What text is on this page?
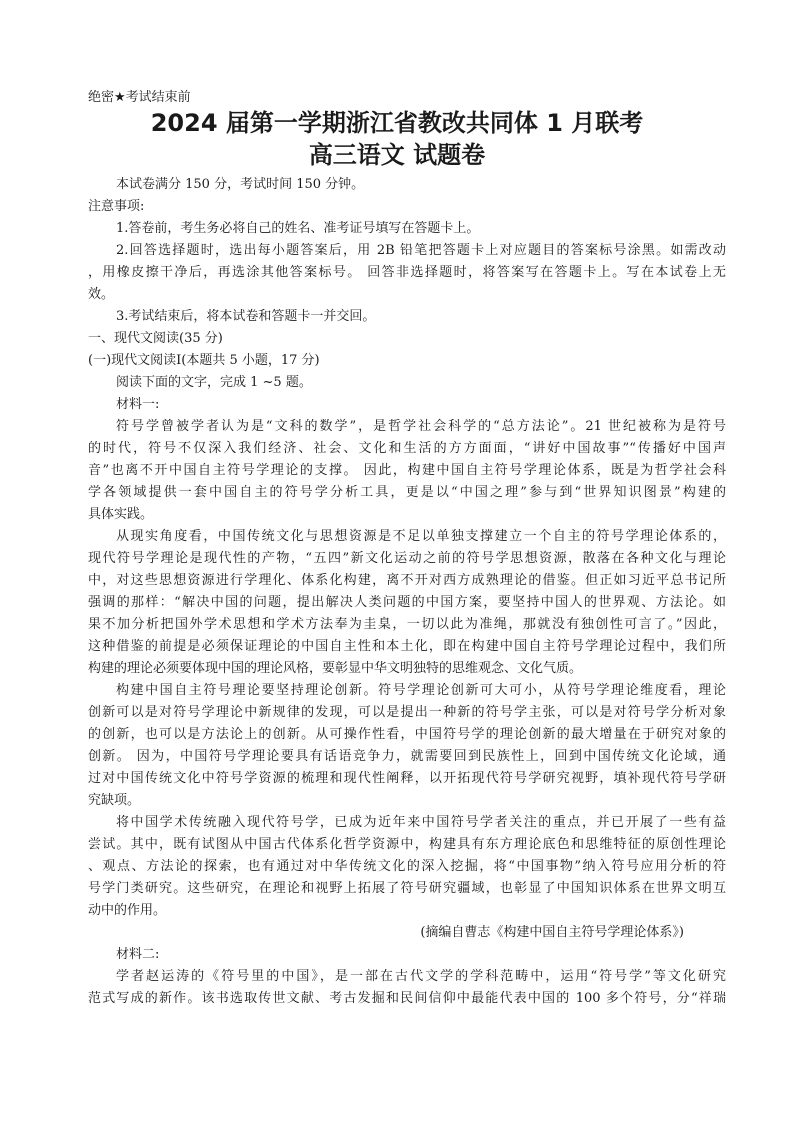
绝密★考试结束前
2024 届第一学期浙江省教改共同体 1 月联考
高三语文 试题卷
本试卷满分 150 分，考试时间 150 分钟。
注意事项:
1.答卷前，考生务必将自己的姓名、准考证号填写在答题卡上。
2.回答选择题时，选出每小题答案后，用 2B 铅笔把答题卡上对应题目的答案标号涂黑。如需改动
，用橡皮擦干净后，再选涂其他答案标号。 回答非选择题时，将答案写在答题卡上。写在本试卷上无
效。
3.考试结束后，将本试卷和答题卡一并交回。
一、现代文阅读(35 分)
(一)现代文阅读Ⅰ(本题共 5 小题，17 分)
阅读下面的文字，完成 1 ~5 题。
材料一:
符号学曾被学者认为是“文科的数学”，是哲学社会科学的“总方法论”。21 世纪被称为是符号
的时代，符号不仅深入我们经济、社会、文化和生活的方方面面，“讲好中国故事”“传播好中国声
音”也离不开中国自主符号学理论的支撑。 因此，构建中国自主符号学理论体系，既是为哲学社会科
学各领域提供一套中国自主的符号学分析工具，更是以“中国之理”参与到“世界知识图景”构建的
具体实践。
从现实角度看，中国传统文化与思想资源是不足以单独支撑建立一个自主的符号学理论体系的，
现代符号学理论是现代性的产物，“五四”新文化运动之前的符号学思想资源，散落在各种文化与理论
中，对这些思想资源进行学理化、体系化构建，离不开对西方成熟理论的借鉴。但正如习近平总书记所
强调的那样：“解决中国的问题，提出解决人类问题的中国方案，要坚持中国人的世界观、方法论。如
果不加分析把国外学术思想和学术方法奉为圭臬，一切以此为准绳，那就没有独创性可言了。”因此，
这种借鉴的前提是必须保证理论的中国自主性和本土化，即在构建中国自主符号学理论过程中，我们所
构建的理论必须要体现中国的理论风格，要彰显中华文明独特的思维观念、文化气质。
构建中国自主符号理论要坚持理论创新。符号学理论创新可大可小，从符号学理论维度看，理论
创新可以是对符号学理论中新规律的发现，可以是提出一种新的符号学主张，可以是对符号学分析对象
的创新，也可以是方法论上的创新。从可操作性看，中国符号学的理论创新的最大增量在于研究对象的
创新。 因为，中国符号学理论要具有话语竞争力，就需要回到民族性上，回到中国传统文化论域，通
过对中国传统文化中符号学资源的梳理和现代性阐释，以开拓现代符号学研究视野，填补现代符号学研
究缺项。
将中国学术传统融入现代符号学，已成为近年来中国符号学者关注的重点，并已开展了一些有益
尝试。其中，既有试图从中国古代体系化哲学资源中，构建具有东方理论底色和思维特征的原创性理论
、观点、方法论的探索，也有通过对中华传统文化的深入挖掘，将“中国事物”纳入符号应用分析的符
号学门类研究。这些研究，在理论和视野上拓展了符号研究疆域，也彰显了中国知识体系在世界文明互
动中的作用。
(摘编自曹志《构建中国自主符号学理论体系》)
材料二:
学者赵运涛的《符号里的中国》，是一部在古代文学的学科范畴中，运用“符号学”等文化研究
范式写成的新作。该书选取传世文献、考古发掘和民间信仰中最能代表中国的 100 多个符号，分“祥瑞
